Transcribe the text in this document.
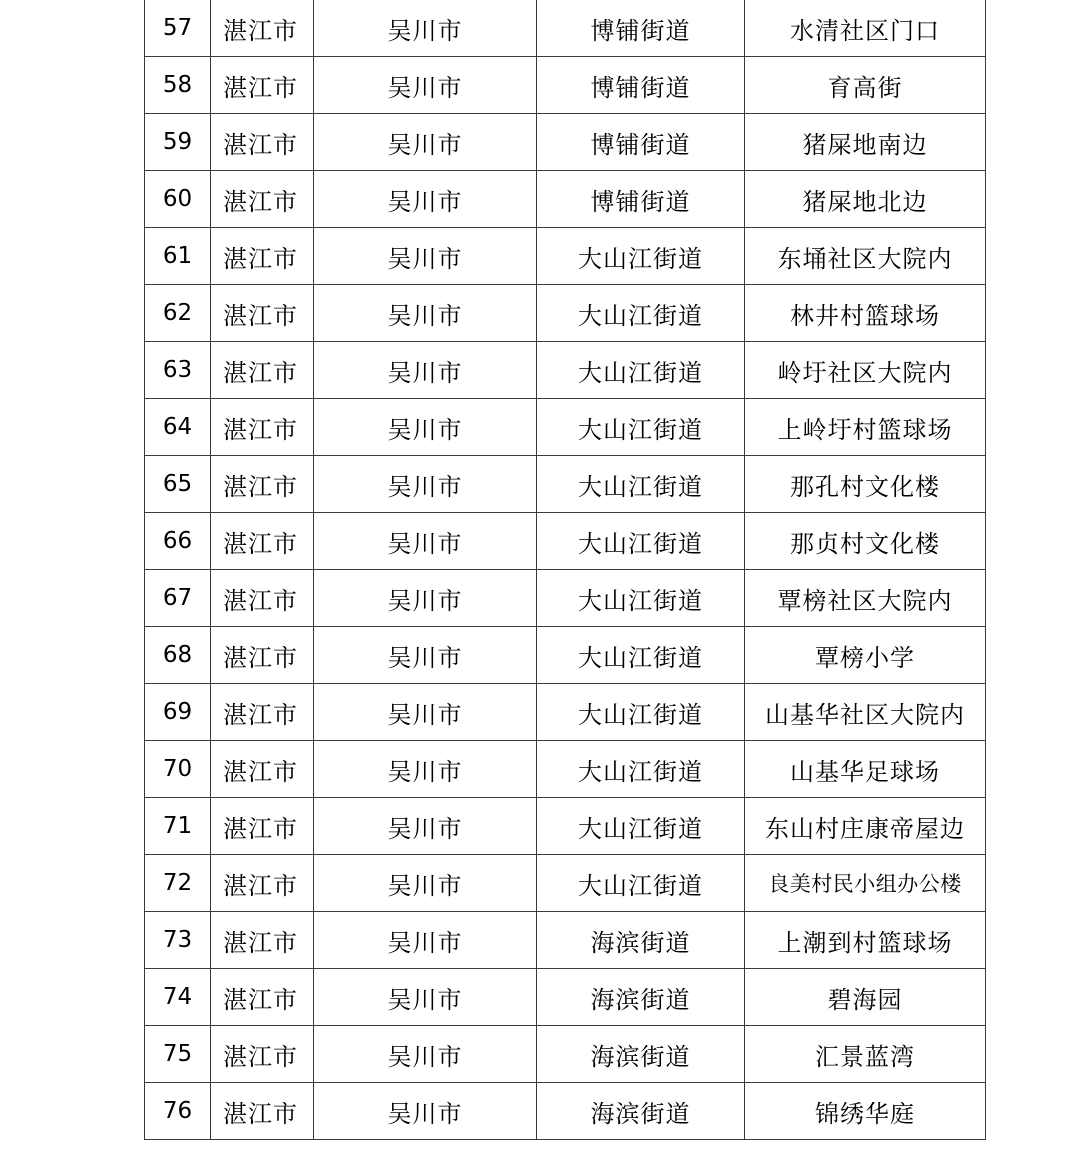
57	湛江市	吴川市	博铺街道	水清社区门口
58	湛江市	吴川市	博铺街道	育高街
59	湛江市	吴川市	博铺街道	猪屎地南边
60	湛江市	吴川市	博铺街道	猪屎地北边
61	湛江市	吴川市	大山江街道	东埇社区大院内
62	湛江市	吴川市	大山江街道	林井村篮球场
63	湛江市	吴川市	大山江街道	岭圩社区大院内
64	湛江市	吴川市	大山江街道	上岭圩村篮球场
65	湛江市	吴川市	大山江街道	那孔村文化楼
66	湛江市	吴川市	大山江街道	那贞村文化楼
67	湛江市	吴川市	大山江街道	覃榜社区大院内
68	湛江市	吴川市	大山江街道	覃榜小学
69	湛江市	吴川市	大山江街道	山基华社区大院内
70	湛江市	吴川市	大山江街道	山基华足球场
71	湛江市	吴川市	大山江街道	东山村庄康帝屋边
72	湛江市	吴川市	大山江街道	良美村民小组办公楼
73	湛江市	吴川市	海滨街道	上潮到村篮球场
74	湛江市	吴川市	海滨街道	碧海园
75	湛江市	吴川市	海滨街道	汇景蓝湾
76	湛江市	吴川市	海滨街道	锦绣华庭
